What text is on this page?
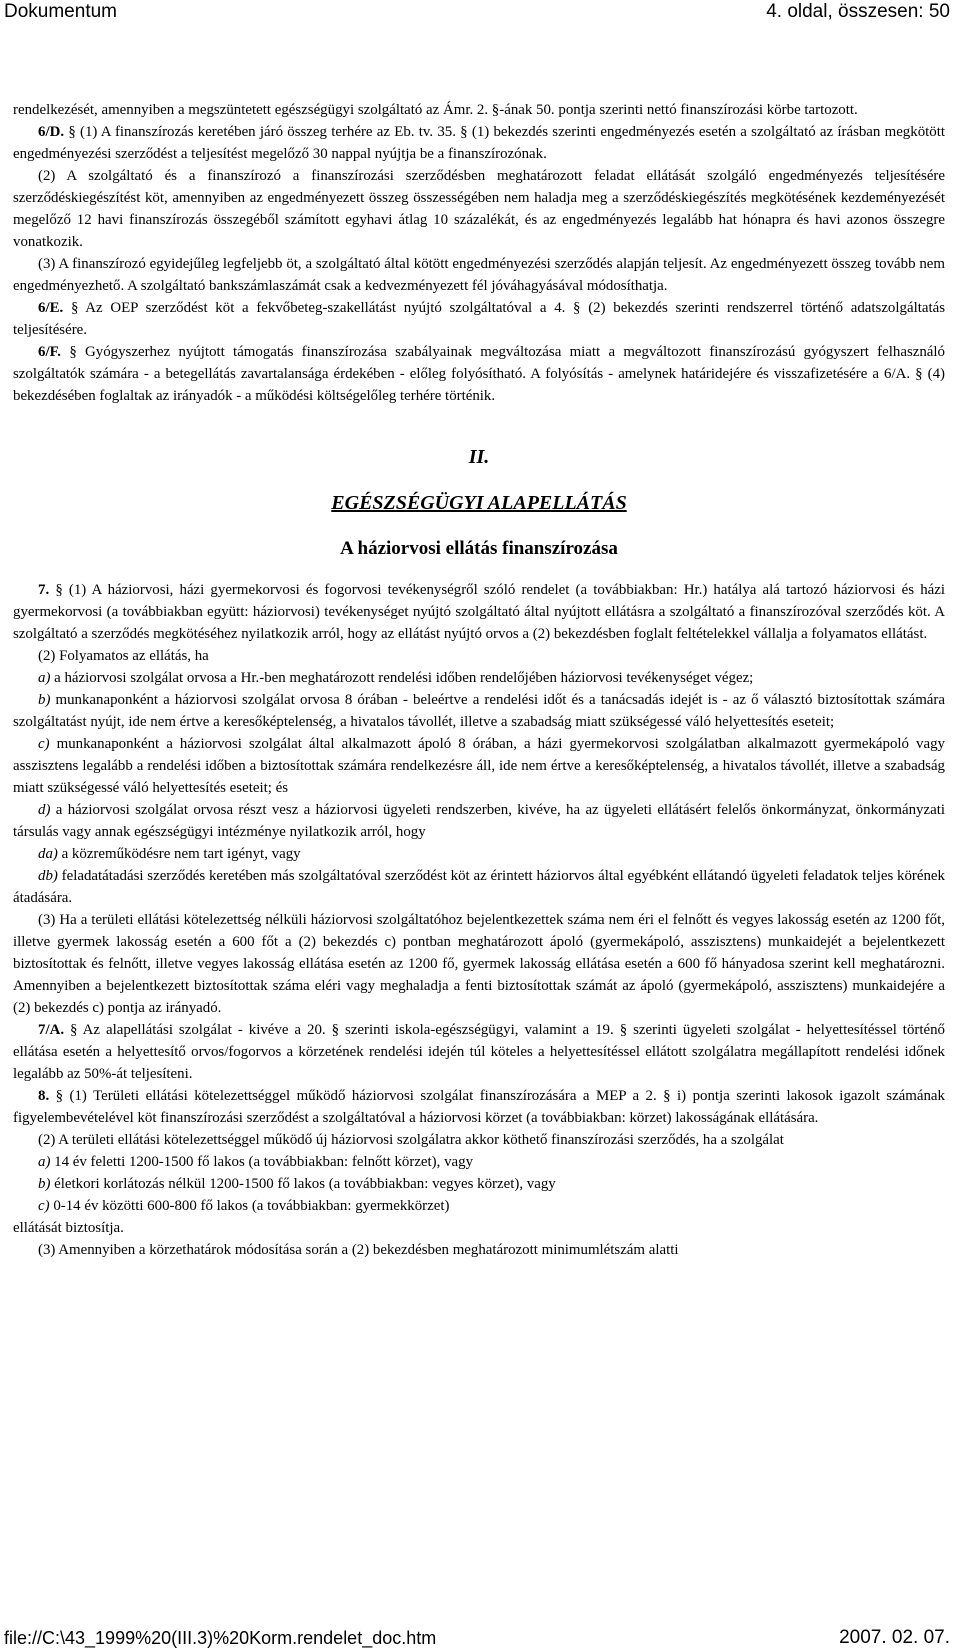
Dokumentum	4. oldal, összesen: 50

rendelkezését, amennyiben a megszüntetett egészségügyi szolgáltató az Ámr. 2. §-ának 50. pontja szerinti nettó finanszírozási körbe tartozott.

6/D. § (1) A finanszírozás keretében járó összeg terhére az Eb. tv. 35. § (1) bekezdés szerinti engedményezés esetén a szolgáltató az írásban megkötött engedményezési szerződést a teljesítést megelőző 30 nappal nyújtja be a finanszírozónak.

(2) A szolgáltató és a finanszírozó a finanszírozási szerződésben meghatározott feladat ellátását szolgáló engedményezés teljesítésére szerződéskiegészítést köt, amennyiben az engedményezett összeg összességében nem haladja meg a szerződéskiegészítés megkötésének kezdeményezését megelőző 12 havi finanszírozás összegéből számított egyhavi átlag 10 százalékát, és az engedményezés legalább hat hónapra és havi azonos összegre vonatkozik.

(3) A finanszírozó egyidejűleg legfeljebb öt, a szolgáltató által kötött engedményezési szerződés alapján teljesít. Az engedményezett összeg tovább nem engedményezhető. A szolgáltató bankszámlaszámát csak a kedvezményezett fél jóváhagyásával módosíthatja.

6/E. § Az OEP szerződést köt a fekvőbeteg-szakellátást nyújtó szolgáltatóval a 4. § (2) bekezdés szerinti rendszerrel történő adatszolgáltatás teljesítésére.

6/F. § Gyógyszerhez nyújtott támogatás finanszírozása szabályainak megváltozása miatt a megváltozott finanszírozású gyógyszert felhasználó szolgáltatók számára - a betegellátás zavartalansága érdekében - előleg folyósítható. A folyósítás - amelynek határidejére és visszafizetésére a 6/A. § (4) bekezdésében foglaltak az irányadók - a működési költségelőleg terhére történik.

II.
EGÉSZSÉGÜGYI ALAPELLÁTÁS
A háziorvosi ellátás finanszírozása

7. § (1) A háziorvosi, házi gyermekorvosi és fogorvosi tevékenységről szóló rendelet (a továbbiakban: Hr.) hatálya alá tartozó háziorvosi és házi gyermekorvosi (a továbbiakban együtt: háziorvosi) tevékenységet nyújtó szolgáltató által nyújtott ellátásra a szolgáltató a finanszírozóval szerződés köt. A szolgáltató a szerződés megkötéséhez nyilatkozik arról, hogy az ellátást nyújtó orvos a (2) bekezdésben foglalt feltételekkel vállalja a folyamatos ellátást.

(2) Folyamatos az ellátás, ha

a) a háziorvosi szolgálat orvosa a Hr.-ben meghatározott rendelési időben rendelőjében háziorvosi tevékenységet végez;

b) munkanaponként a háziorvosi szolgálat orvosa 8 órában - beleértve a rendelési időt és a tanácsadás idejét is - az ő választó biztosítottak számára szolgáltatást nyújt, ide nem értve a keresőképtelenség, a hivatalos távollét, illetve a szabadság miatt szükségessé váló helyettesítés eseteit;

c) munkanaponként a háziorvosi szolgálat által alkalmazott ápoló 8 órában, a házi gyermekorvosi szolgálatban alkalmazott gyermekápoló vagy asszisztens legalább a rendelési időben a biztosítottak számára rendelkezésre áll, ide nem értve a keresőképtelenség, a hivatalos távollét, illetve a szabadság miatt szükségessé váló helyettesítés eseteit; és

d) a háziorvosi szolgálat orvosa részt vesz a háziorvosi ügyeleti rendszerben, kivéve, ha az ügyeleti ellátásért felelős önkormányzat, önkormányzati társulás vagy annak egészségügyi intézménye nyilatkozik arról, hogy

da) a közreműködésre nem tart igényt, vagy

db) feladatátadási szerződés keretében más szolgáltatóval szerződést köt az érintett háziorvos által egyébként ellátandó ügyeleti feladatok teljes körének átadására.

(3) Ha a területi ellátási kötelezettség nélküli háziorvosi szolgáltatóhoz bejelentkezettek száma nem éri el felnőtt és vegyes lakosság esetén az 1200 főt, illetve gyermek lakosság esetén a 600 főt a (2) bekezdés c) pontban meghatározott ápoló (gyermekápoló, asszisztens) munkaidejét a bejelentkezett biztosítottak és felnőtt, illetve vegyes lakosság ellátása esetén az 1200 fő, gyermek lakosság ellátása esetén a 600 fő hányadosa szerint kell meghatározni. Amennyiben a bejelentkezett biztosítottak száma eléri vagy meghaladja a fenti biztosítottak számát az ápoló (gyermekápoló, asszisztens) munkaidejére a (2) bekezdés c) pontja az irányadó.

7/A. § Az alapellátási szolgálat - kivéve a 20. § szerinti iskola-egészségügyi, valamint a 19. § szerinti ügyeleti szolgálat - helyettesítéssel történő ellátása esetén a helyettesítő orvos/fogorvos a körzetének rendelési idején túl köteles a helyettesítéssel ellátott szolgálatra megállapított rendelési időnek legalább az 50%-át teljesíteni.

8. § (1) Területi ellátási kötelezettséggel működő háziorvosi szolgálat finanszírozására a MEP a 2. § i) pontja szerinti lakosok igazolt számának figyelembevételével köt finanszírozási szerződést a szolgáltatóval a háziorvosi körzet (a továbbiakban: körzet) lakosságának ellátására.

(2) A területi ellátási kötelezettséggel működő új háziorvosi szolgálatra akkor köthető finanszírozási szerződés, ha a szolgálat

a) 14 év feletti 1200-1500 fő lakos (a továbbiakban: felnőtt körzet), vagy

b) életkori korlátozás nélkül 1200-1500 fő lakos (a továbbiakban: vegyes körzet), vagy

c) 0-14 év közötti 600-800 fő lakos (a továbbiakban: gyermekkörzet)

ellátását biztosítja.

(3) Amennyiben a körzethatárok módosítása során a (2) bekezdésben meghatározott minimumlétszám alatti

file://C:\43_1999%20(III.3)%20Korm.rendelet_doc.htm	2007. 02. 07.
